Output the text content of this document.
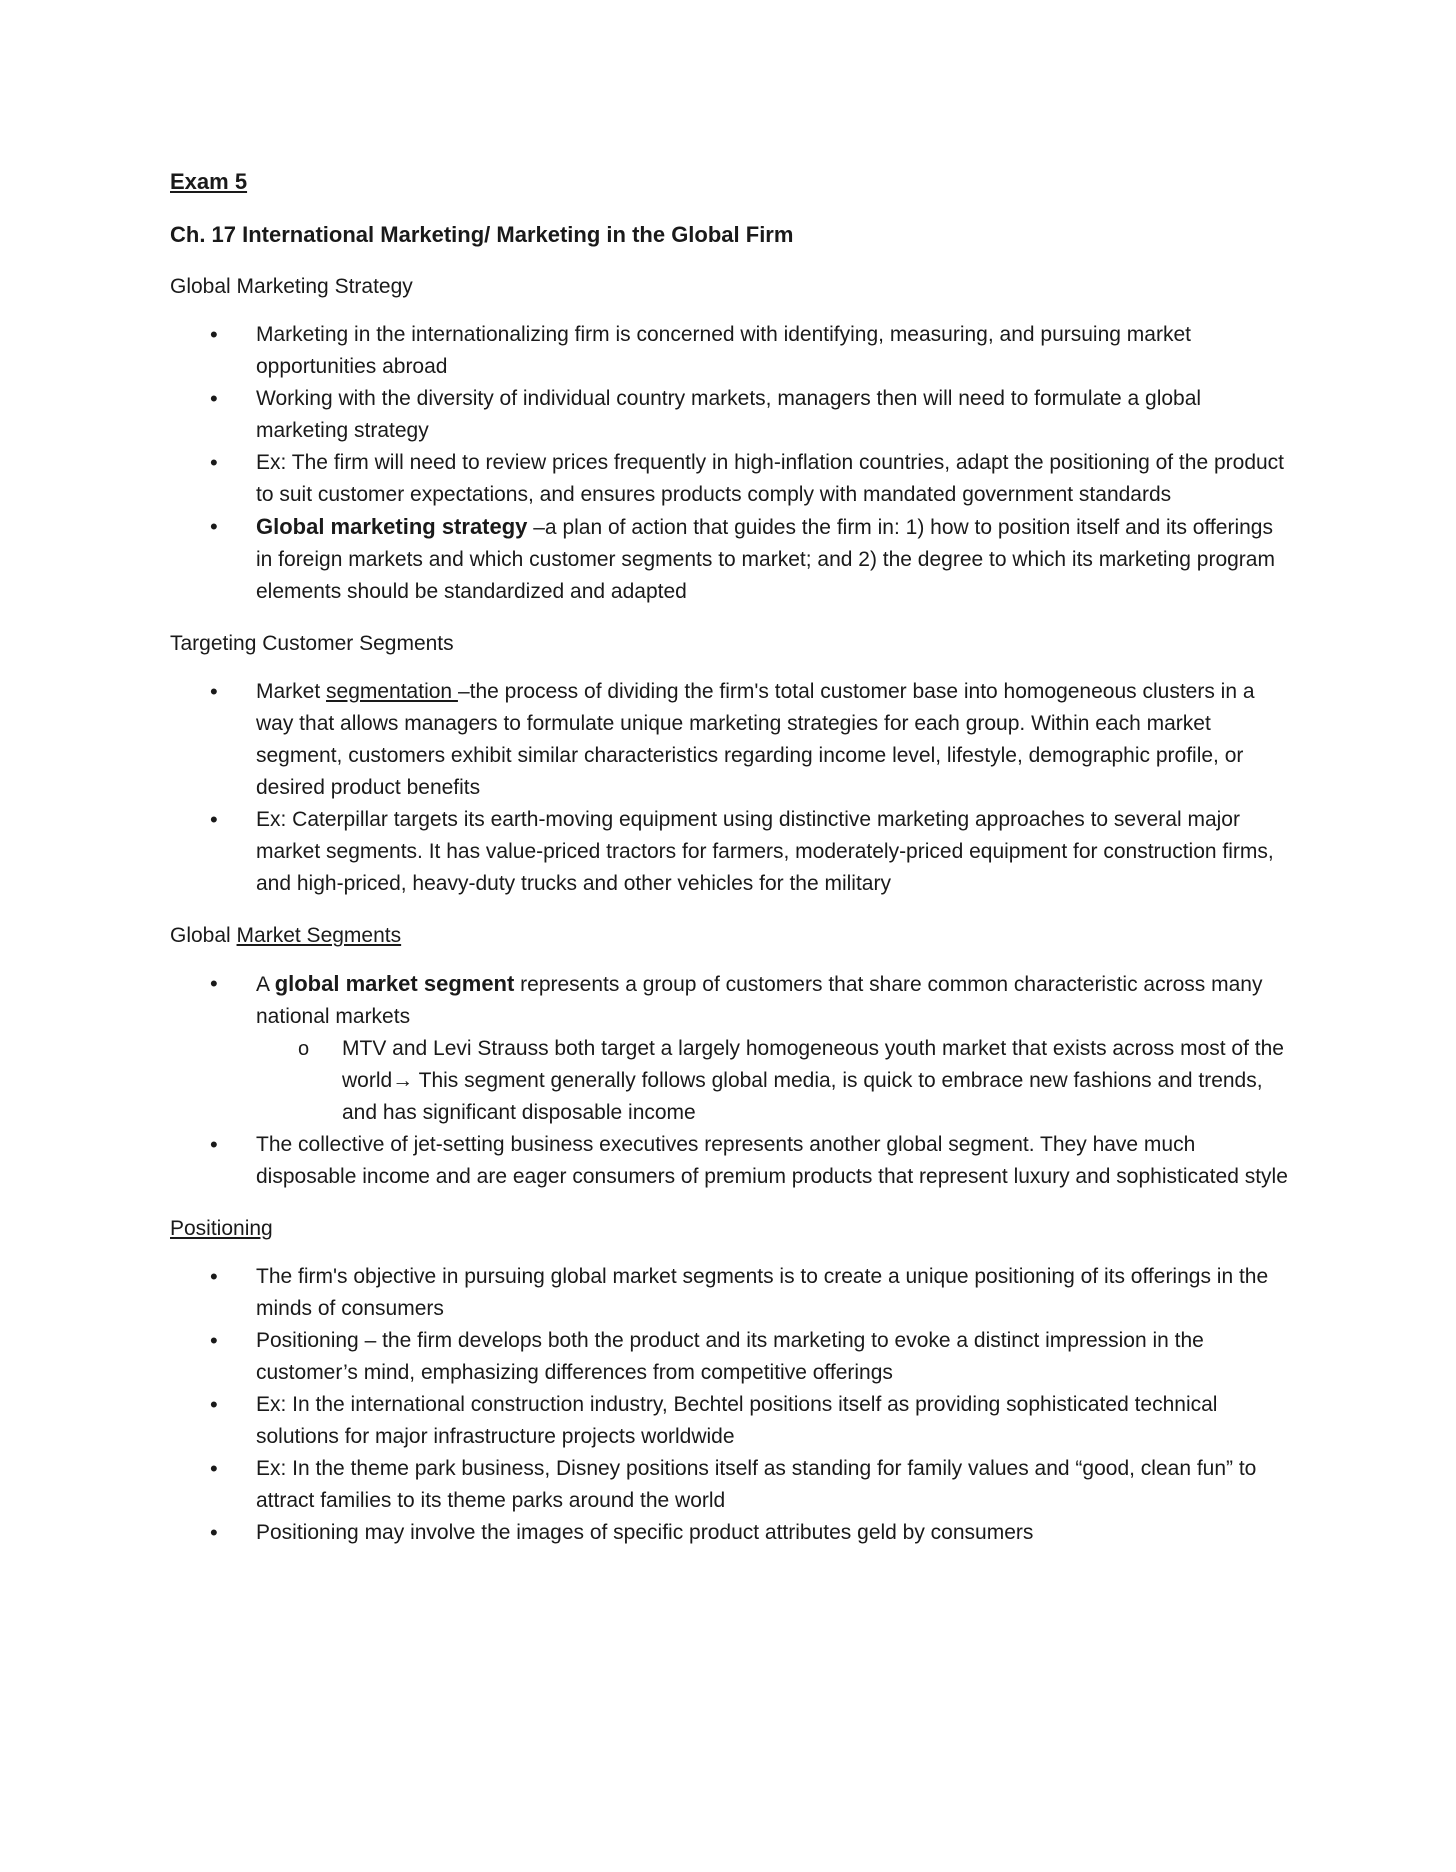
Exam 5
Ch. 17 International Marketing/ Marketing in the Global Firm
Global Marketing Strategy
• Marketing in the internationalizing firm is concerned with identifying, measuring, and pursuing market opportunities abroad
• Working with the diversity of individual country markets, managers then will need to formulate a global marketing strategy
• Ex: The firm will need to review prices frequently in high-inflation countries, adapt the positioning of the product to suit customer expectations, and ensures products comply with mandated government standards
• Global marketing strategy –a plan of action that guides the firm in: 1) how to position itself and its offerings in foreign markets and which customer segments to market; and 2) the degree to which its marketing program elements should be standardized and adapted
Targeting Customer Segments
• Market segmentation –the process of dividing the firm's total customer base into homogeneous clusters in a way that allows managers to formulate unique marketing strategies for each group. Within each market segment, customers exhibit similar characteristics regarding income level, lifestyle, demographic profile, or desired product benefits
• Ex: Caterpillar targets its earth-moving equipment using distinctive marketing approaches to several major market segments. It has value-priced tractors for farmers, moderately-priced equipment for construction firms, and high-priced, heavy-duty trucks and other vehicles for the military
Global Market Segments
• A global market segment represents a group of customers that share common characteristic across many national markets
o MTV and Levi Strauss both target a largely homogeneous youth market that exists across most of the world→ This segment generally follows global media, is quick to embrace new fashions and trends, and has significant disposable income
• The collective of jet-setting business executives represents another global segment. They have much disposable income and are eager consumers of premium products that represent luxury and sophisticated style
Positioning
• The firm's objective in pursuing global market segments is to create a unique positioning of its offerings in the minds of consumers
• Positioning – the firm develops both the product and its marketing to evoke a distinct impression in the customer’s mind, emphasizing differences from competitive offerings
• Ex: In the international construction industry, Bechtel positions itself as providing sophisticated technical solutions for major infrastructure projects worldwide
• Ex: In the theme park business, Disney positions itself as standing for family values and “good, clean fun” to attract families to its theme parks around the world
• Positioning may involve the images of specific product attributes geld by consumers
